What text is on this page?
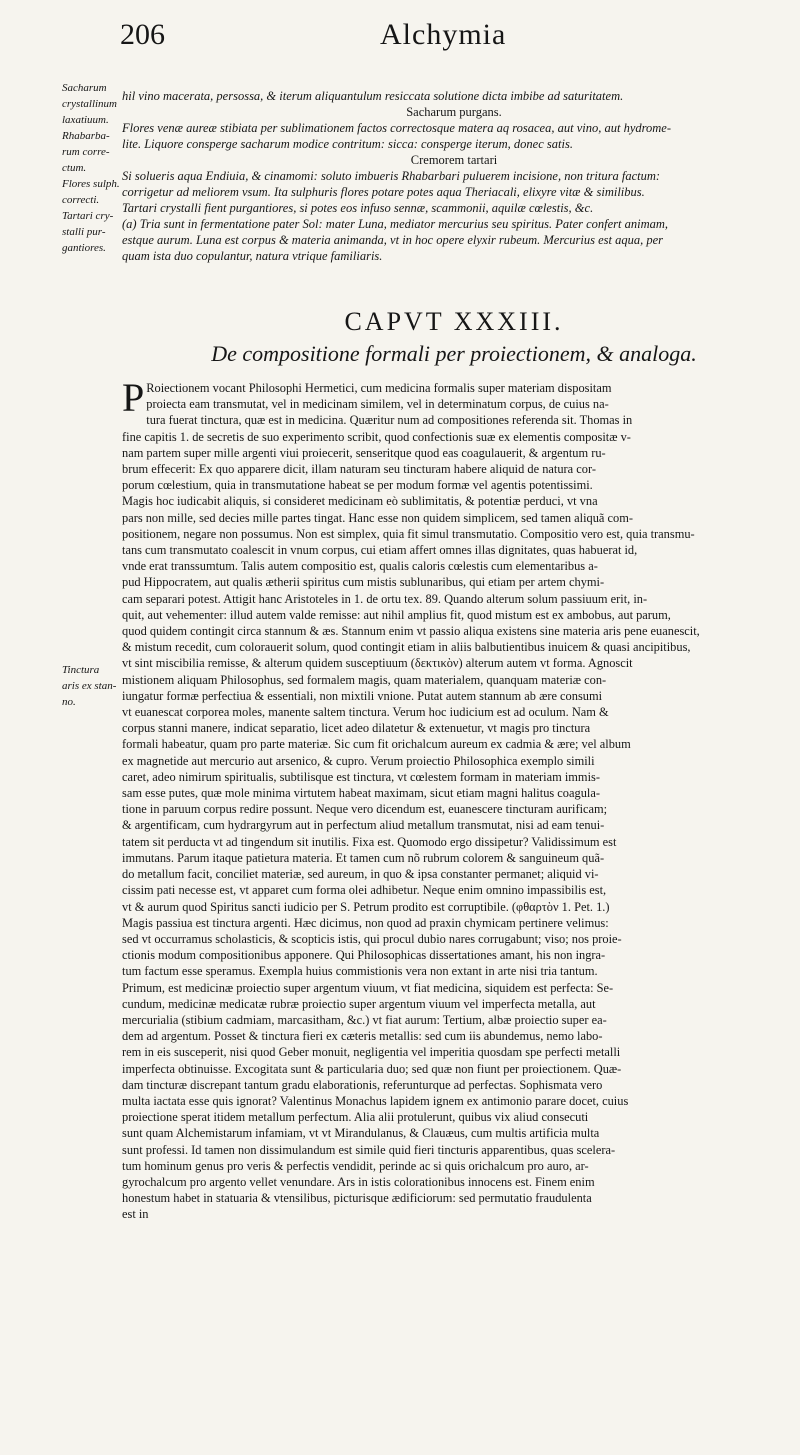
206	Alchymia
Sacharum
crystallinum
laxatiuum.
Rhabarba-
rum corre-
ctum.
Flores sulph.
correcti.
Tartari cry-
stalli pur-
gantiores.
Tinctura
aris ex stan-
no.
hil vino macerata, persossa, & iterum aliquantulum resiccata solutione dicta imbibe ad saturitatem.
Sacharum purgans.
Flores venæ aureæ stibiata per sublimationem factos correctosque matera aq rosacea, aut vino, aut hydrome-
lite. Liquore consperge sacharum modice contritum: sicca: consperge iterum, donec satis.
Cremorem tartari
Si solueris aqua Endiuia, & cinamomi: soluto imbueris Rhabarbari puluerem incisione, non tritura factum:
corrigetur ad meliorem vsum. Ita sulphuris flores potare potes aqua Theriacali, elixyre vitæ & similibus.
Tartari crystalli fient purgantiores, si potes eos infuso sennæ, scammonii, aquilæ cœlestis, &c.
(a) Tria sunt in fermentatione pater Sol: mater Luna, mediator mercurius seu spiritus. Pater confert animam,
estque aurum. Luna est corpus & materia animanda, vt in hoc opere elyxir rubeum. Mercurius est aqua, per
quam ista duo copulantur, natura vtrique familiaris.
CAPVT XXXIII.
De compositione formali per proiectionem, & analoga.
P Roiectionem vocant Philosophi Hermetici, cum medicina formalis super materiam dispositam
proiecta eam transmutat, vel in medicinam similem, vel in determinatum corpus, de cuius na-
tura fuerat tinctura, quæ est in medicina. Quæritur num ad compositiones referenda sit. Thomas in
fine capitis 1. de secretis de suo experimento scribit, quod confectionis suæ ex elementis compositæ v-
nam partem super mille argenti viui proiecerit, senseritque quod eas coagulauerit, & argentum ru-
brum effecerit: Ex quo apparere dicit, illam naturam seu tincturam habere aliquid de natura cor-
porum cœlestium, quia in transmutatione habeat se per modum formæ vel agentis potentissimi.
Magis hoc iudicabit aliquis, si consideret medicinam eò sublimitatis, & potentiæ perduci, vt vna
pars non mille, sed decies mille partes tingat. Hanc esse non quidem simplicem, sed tamen aliquã com-
positionem, negare non possumus. Non est simplex, quia fit simul transmutatio. Compositio vero est, quia transmu-
tans cum transmutato coalescit in vnum corpus, cui etiam affert omnes illas dignitates, quas habuerat id,
vnde erat transsumtum. Talis autem compositio est, qualis caloris cœlestis cum elementaribus a-
pud Hippocratem, aut qualis ætherii spiritus cum mistis sublunaribus, qui etiam per artem chymi-
cam separari potest. Attigit hanc Aristoteles in 1. de ortu tex. 89. Quando alterum solum passiuum erit, in-
quit, aut vehementer: illud autem valde remisse: aut nihil amplius fit, quod mistum est ex ambobus, aut parum,
quod quidem contingit circa stannum & æs. Stannum enim vt passio aliqua existens sine materia aris pene euanescit,
& mistum recedit, cum colorauerit solum, quod contingit etiam in aliis balbutientibus inuicem & quasi ancipitibus,
vt sint miscibilia remisse, & alterum quidem susceptiuum (δεκτικὸν) alterum autem vt forma. Agnoscit
mistionem aliquam Philosophus, sed formalem magis, quam materialem, quanquam materiæ con-
iungatur formæ perfectiua & essentiali, non mixtili vnione. Putat autem stannum ab ære consumi
vt euanescat corporea moles, manente saltem tinctura. Verum hoc iudicium est ad oculum. Nam &
corpus stanni manere, indicat separatio, licet adeo dilatetur & extenuetur, vt magis pro tinctura
formali habeatur, quam pro parte materiæ. Sic cum fit orichalcum aureum ex cadmia & ære; vel album
ex magnetide aut mercurio aut arsenico, & cupro. Verum proiectio Philosophica exemplo simili
caret, adeo nimirum spiritualis, subtilisque est tinctura, vt cœlestem formam in materiam immis-
sam esse putes, quæ mole minima virtutem habeat maximam, sicut etiam magni halitus coagula-
tione in paruum corpus redire possunt. Neque vero dicendum est, euanescere tincturam aurificam;
& argentificam, cum hydrargyrum aut in perfectum aliud metallum transmutat, nisi ad eam tenui-
tatem sit perducta vt ad tingendum sit inutilis. Fixa est. Quomodo ergo dissipetur? Validissimum est
immutans. Parum itaque patietura materia. Et tamen cum nõ rubrum colorem & sanguineum quã-
do metallum facit, conciliet materiæ, sed aureum, in quo & ipsa constanter permanet; aliquid vi-
cissim pati necesse est, vt apparet cum forma olei adhibetur. Neque enim omnino impassibilis est,
vt & aurum quod Spiritus sancti iudicio per S. Petrum prodito est corruptibile. (φθαρτὸν 1. Pet. 1.)
Magis passiua est tinctura argenti. Hæc dicimus, non quod ad praxin chymicam pertinere velimus:
sed vt occurramus scholasticis, & scopticis istis, qui procul dubio nares corrugabunt; viso; nos proie-
ctionis modum compositionibus apponere. Qui Philosophicas dissertationes amant, his non ingra-
tum factum esse speramus. Exempla huius commistionis vera non extant in arte nisi tria tantum.
Primum, est medicinæ proiectio super argentum viuum, vt fiat medicina, siquidem est perfecta: Se-
cundum, medicinæ medicatæ rubræ proiectio super argentum viuum vel imperfecta metalla, aut
mercurialia (stibium cadmiam, marcasitham, &c.) vt fiat aurum: Tertium, albæ proiectio super ea-
dem ad argentum. Posset & tinctura fieri ex cæteris metallis: sed cum iis abundemus, nemo labo-
rem in eis susceperit, nisi quod Geber monuit, negligentia vel imperitia quosdam spe perfecti metalli
imperfecta obtinuisse. Excogitata sunt & particularia duo; sed quæ non fiunt per proiectionem. Quæ-
dam tincturæ discrepant tantum gradu elaborationis, referunturque ad perfectas. Sophismata vero
multa iactata esse quis ignorat? Valentinus Monachus lapidem ignem ex antimonio parare docet, cuius
proiectione sperat itidem metallum perfectum. Alia alii protulerunt, quibus vix aliud consecuti
sunt quam Alchemistarum infamiam, vt vt Mirandulanus, & Clauæus, cum multis artificia multa
sunt professi. Id tamen non dissimulandum est simile quid fieri tincturis apparentibus, quas scelera-
tum hominum genus pro veris & perfectis vendidit, perinde ac si quis orichalcum pro auro, ar-
gyrochalcum pro argento vellet venundare. Ars in istis colorationibus innocens est. Finem enim
honestum habet in statuaria & vtensilibus, picturisque ædificiorum: sed permutatio fraudulenta
est in
